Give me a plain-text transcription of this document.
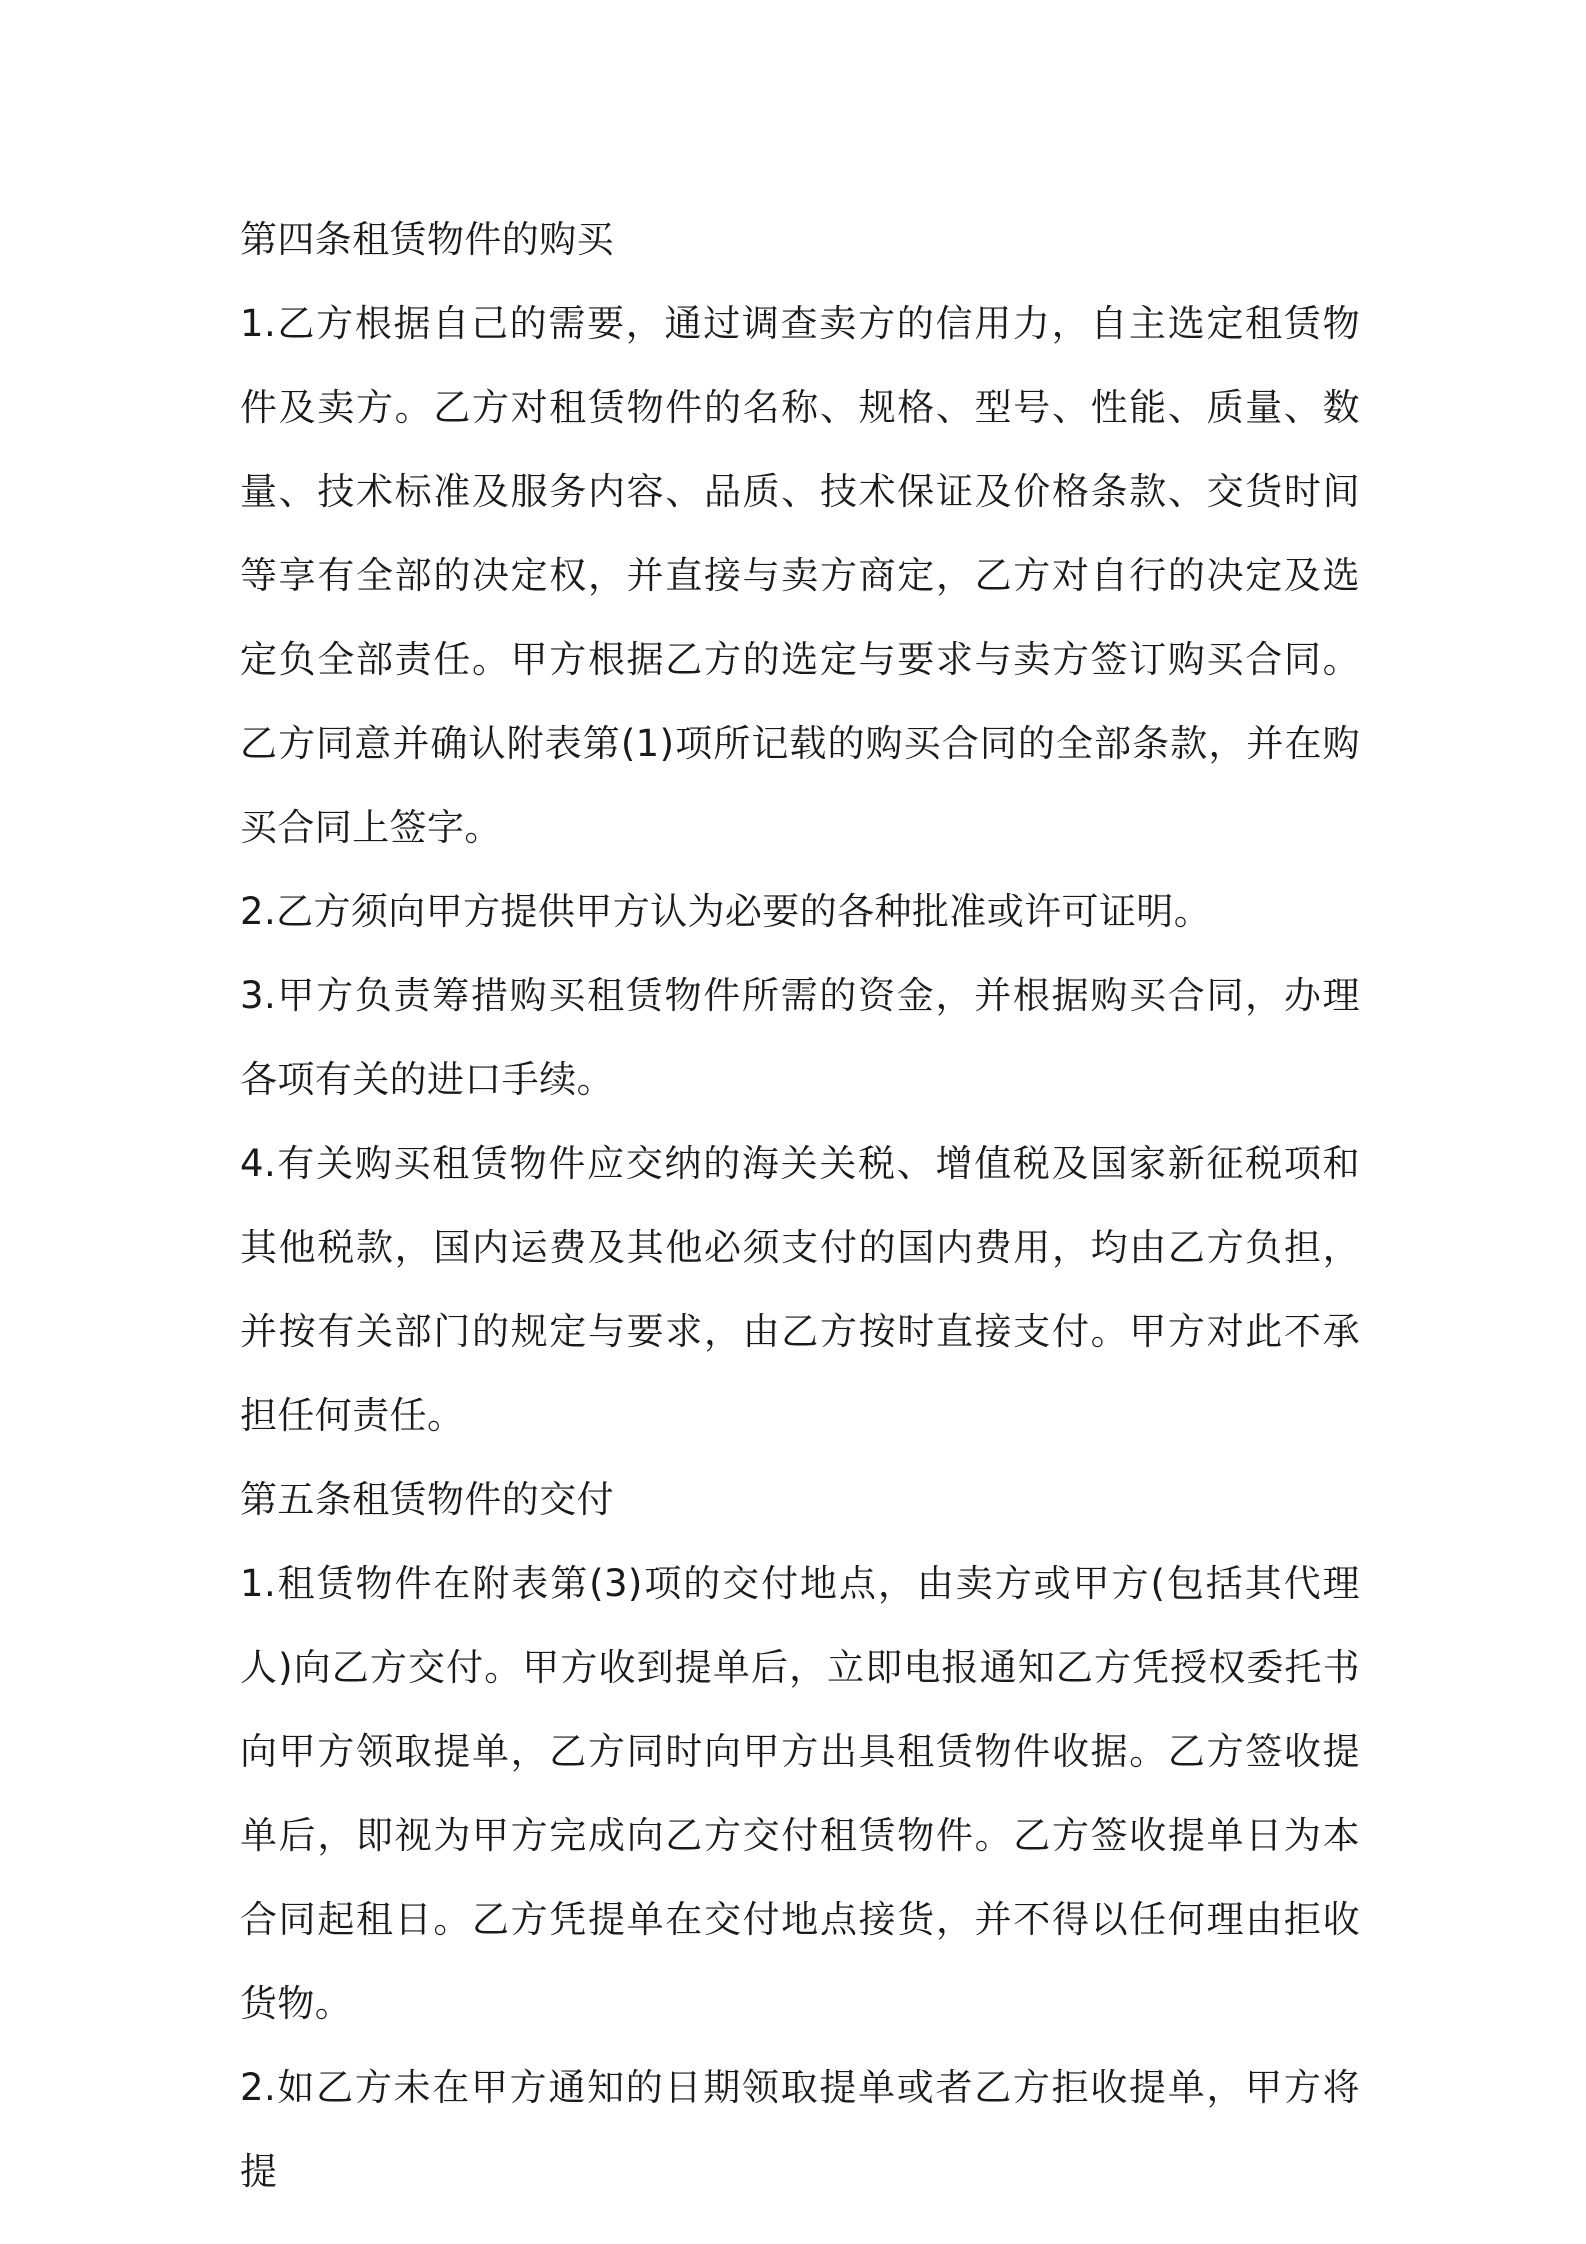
第四条租赁物件的购买

1.乙方根据自己的需要，通过调查卖方的信用力，自主选定租赁物件及卖方。乙方对租赁物件的名称、规格、型号、性能、质量、数量、技术标准及服务内容、品质、技术保证及价格条款、交货时间等享有全部的决定权，并直接与卖方商定，乙方对自行的决定及选定负全部责任。甲方根据乙方的选定与要求与卖方签订购买合同。乙方同意并确认附表第(1)项所记载的购买合同的全部条款，并在购买合同上签字。

2.乙方须向甲方提供甲方认为必要的各种批准或许可证明。

3.甲方负责筹措购买租赁物件所需的资金，并根据购买合同，办理各项有关的进口手续。

4.有关购买租赁物件应交纳的海关关税、增值税及国家新征税项和其他税款，国内运费及其他必须支付的国内费用，均由乙方负担，并按有关部门的规定与要求，由乙方按时直接支付。甲方对此不承担任何责任。

第五条租赁物件的交付

1.租赁物件在附表第(3)项的交付地点，由卖方或甲方(包括其代理人)向乙方交付。甲方收到提单后，立即电报通知乙方凭授权委托书向甲方领取提单，乙方同时向甲方出具租赁物件收据。乙方签收提单后，即视为甲方完成向乙方交付租赁物件。乙方签收提单日为本合同起租日。乙方凭提单在交付地点接货，并不得以任何理由拒收货物。

2.如乙方未在甲方通知的日期领取提单或者乙方拒收提单，甲方将提
